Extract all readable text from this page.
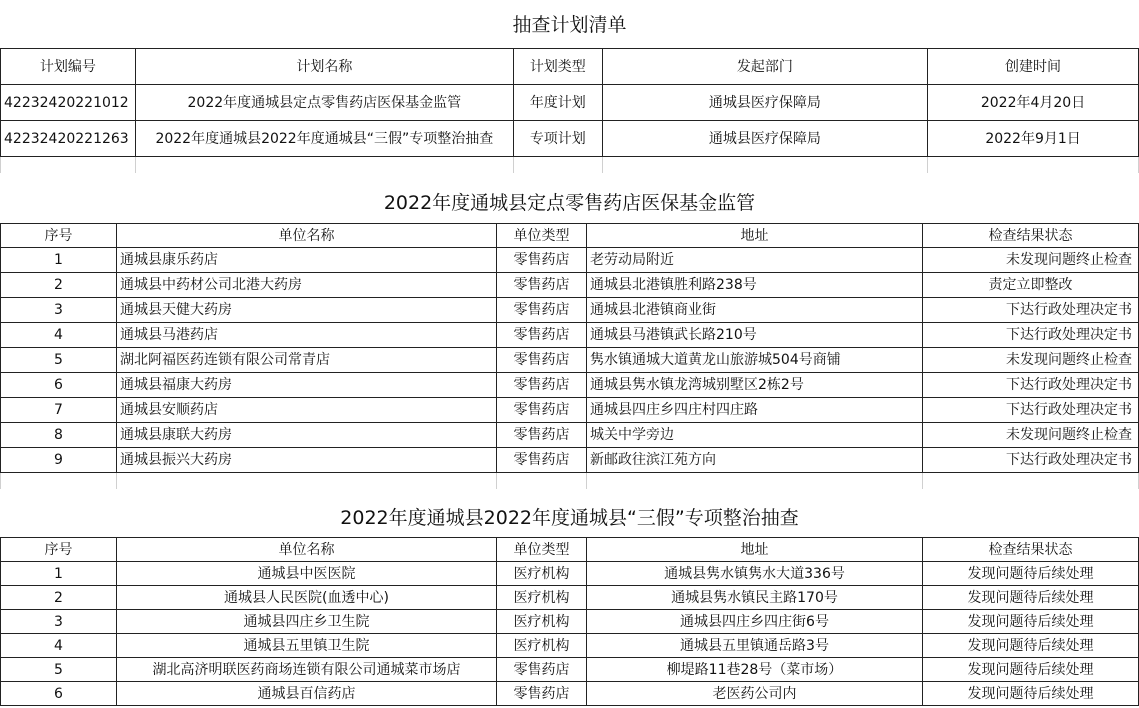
抽查计划清单
计划编号	计划名称	计划类型	发起部门	创建时间
42232420221012	2022年度通城县定点零售药店医保基金监管	年度计划	通城县医疗保障局	2022年4月20日
42232420221263	2022年度通城县2022年度通城县“三假”专项整治抽查	专项计划	通城县医疗保障局	2022年9月1日

2022年度通城县定点零售药店医保基金监管
序号	单位名称	单位类型	地址	检查结果状态
1	通城县康乐药店	零售药店	老劳动局附近	未发现问题终止检查
2	通城县中药材公司北港大药房	零售药店	通城县北港镇胜利路238号	责定立即整改
3	通城县天健大药房	零售药店	通城县北港镇商业街	下达行政处理决定书
4	通城县马港药店	零售药店	通城县马港镇武长路210号	下达行政处理决定书
5	湖北阿福医药连锁有限公司常青店	零售药店	隽水镇通城大道黄龙山旅游城504号商铺	未发现问题终止检查
6	通城县福康大药房	零售药店	通城县隽水镇龙湾城别墅区2栋2号	下达行政处理决定书
7	通城县安顺药店	零售药店	通城县四庄乡四庄村四庄路	下达行政处理决定书
8	通城县康联大药房	零售药店	城关中学旁边	未发现问题终止检查
9	通城县振兴大药房	零售药店	新邮政往滨江苑方向	下达行政处理决定书

2022年度通城县2022年度通城县“三假”专项整治抽查
序号	单位名称	单位类型	地址	检查结果状态
1	通城县中医医院	医疗机构	通城县隽水镇隽水大道336号	发现问题待后续处理
2	通城县人民医院(血透中心)	医疗机构	通城县隽水镇民主路170号	发现问题待后续处理
3	通城县四庄乡卫生院	医疗机构	通城县四庄乡四庄街6号	发现问题待后续处理
4	通城县五里镇卫生院	医疗机构	通城县五里镇通岳路3号	发现问题待后续处理
5	湖北高济明联医药商场连锁有限公司通城菜市场店	零售药店	柳堤路11巷28号（菜市场）	发现问题待后续处理
6	通城县百信药店	零售药店	老医药公司内	发现问题待后续处理
